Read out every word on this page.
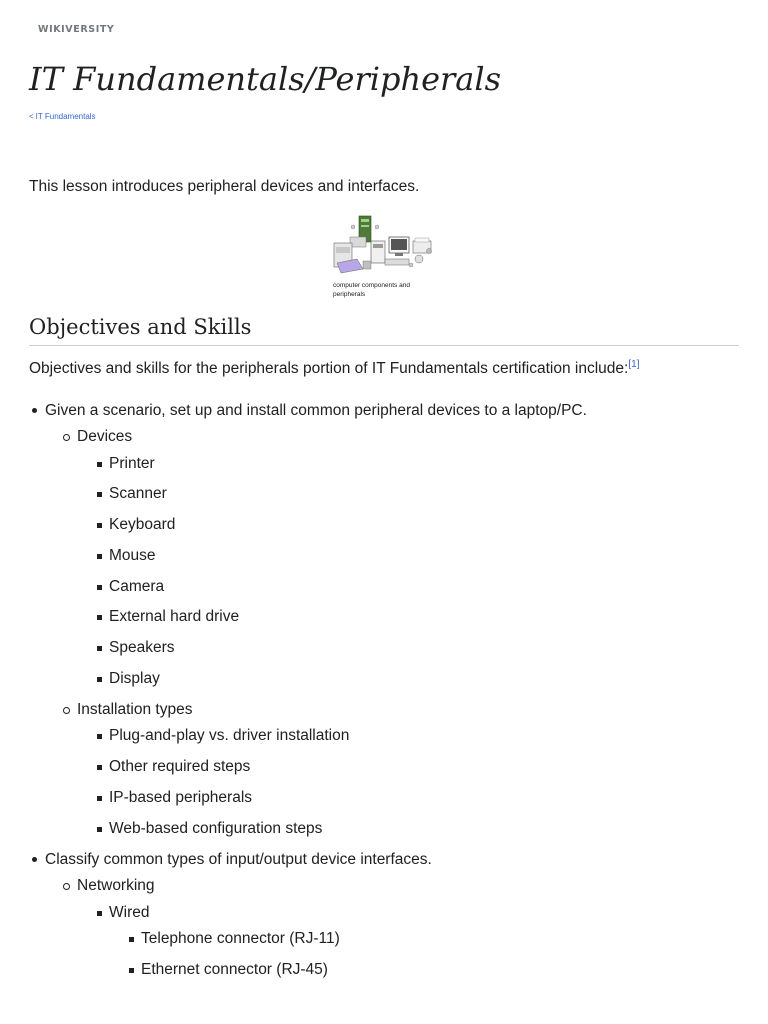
WIKIVERSITY
IT Fundamentals/Peripherals
< IT Fundamentals

This lesson introduces peripheral devices and interfaces.

computer components and peripherals
Objectives and Skills

Objectives and skills for the peripherals portion of IT Fundamentals certification include:[1]

Given a scenario, set up and install common peripheral devices to a laptop/PC.
Devices
Printer
Scanner
Keyboard
Mouse
Camera
External hard drive
Speakers
Display
Installation types
Plug-and-play vs. driver installation
Other required steps
IP-based peripherals
Web-based configuration steps
Classify common types of input/output device interfaces.
Networking
Wired
Telephone connector (RJ-11)
Ethernet connector (RJ-45)
